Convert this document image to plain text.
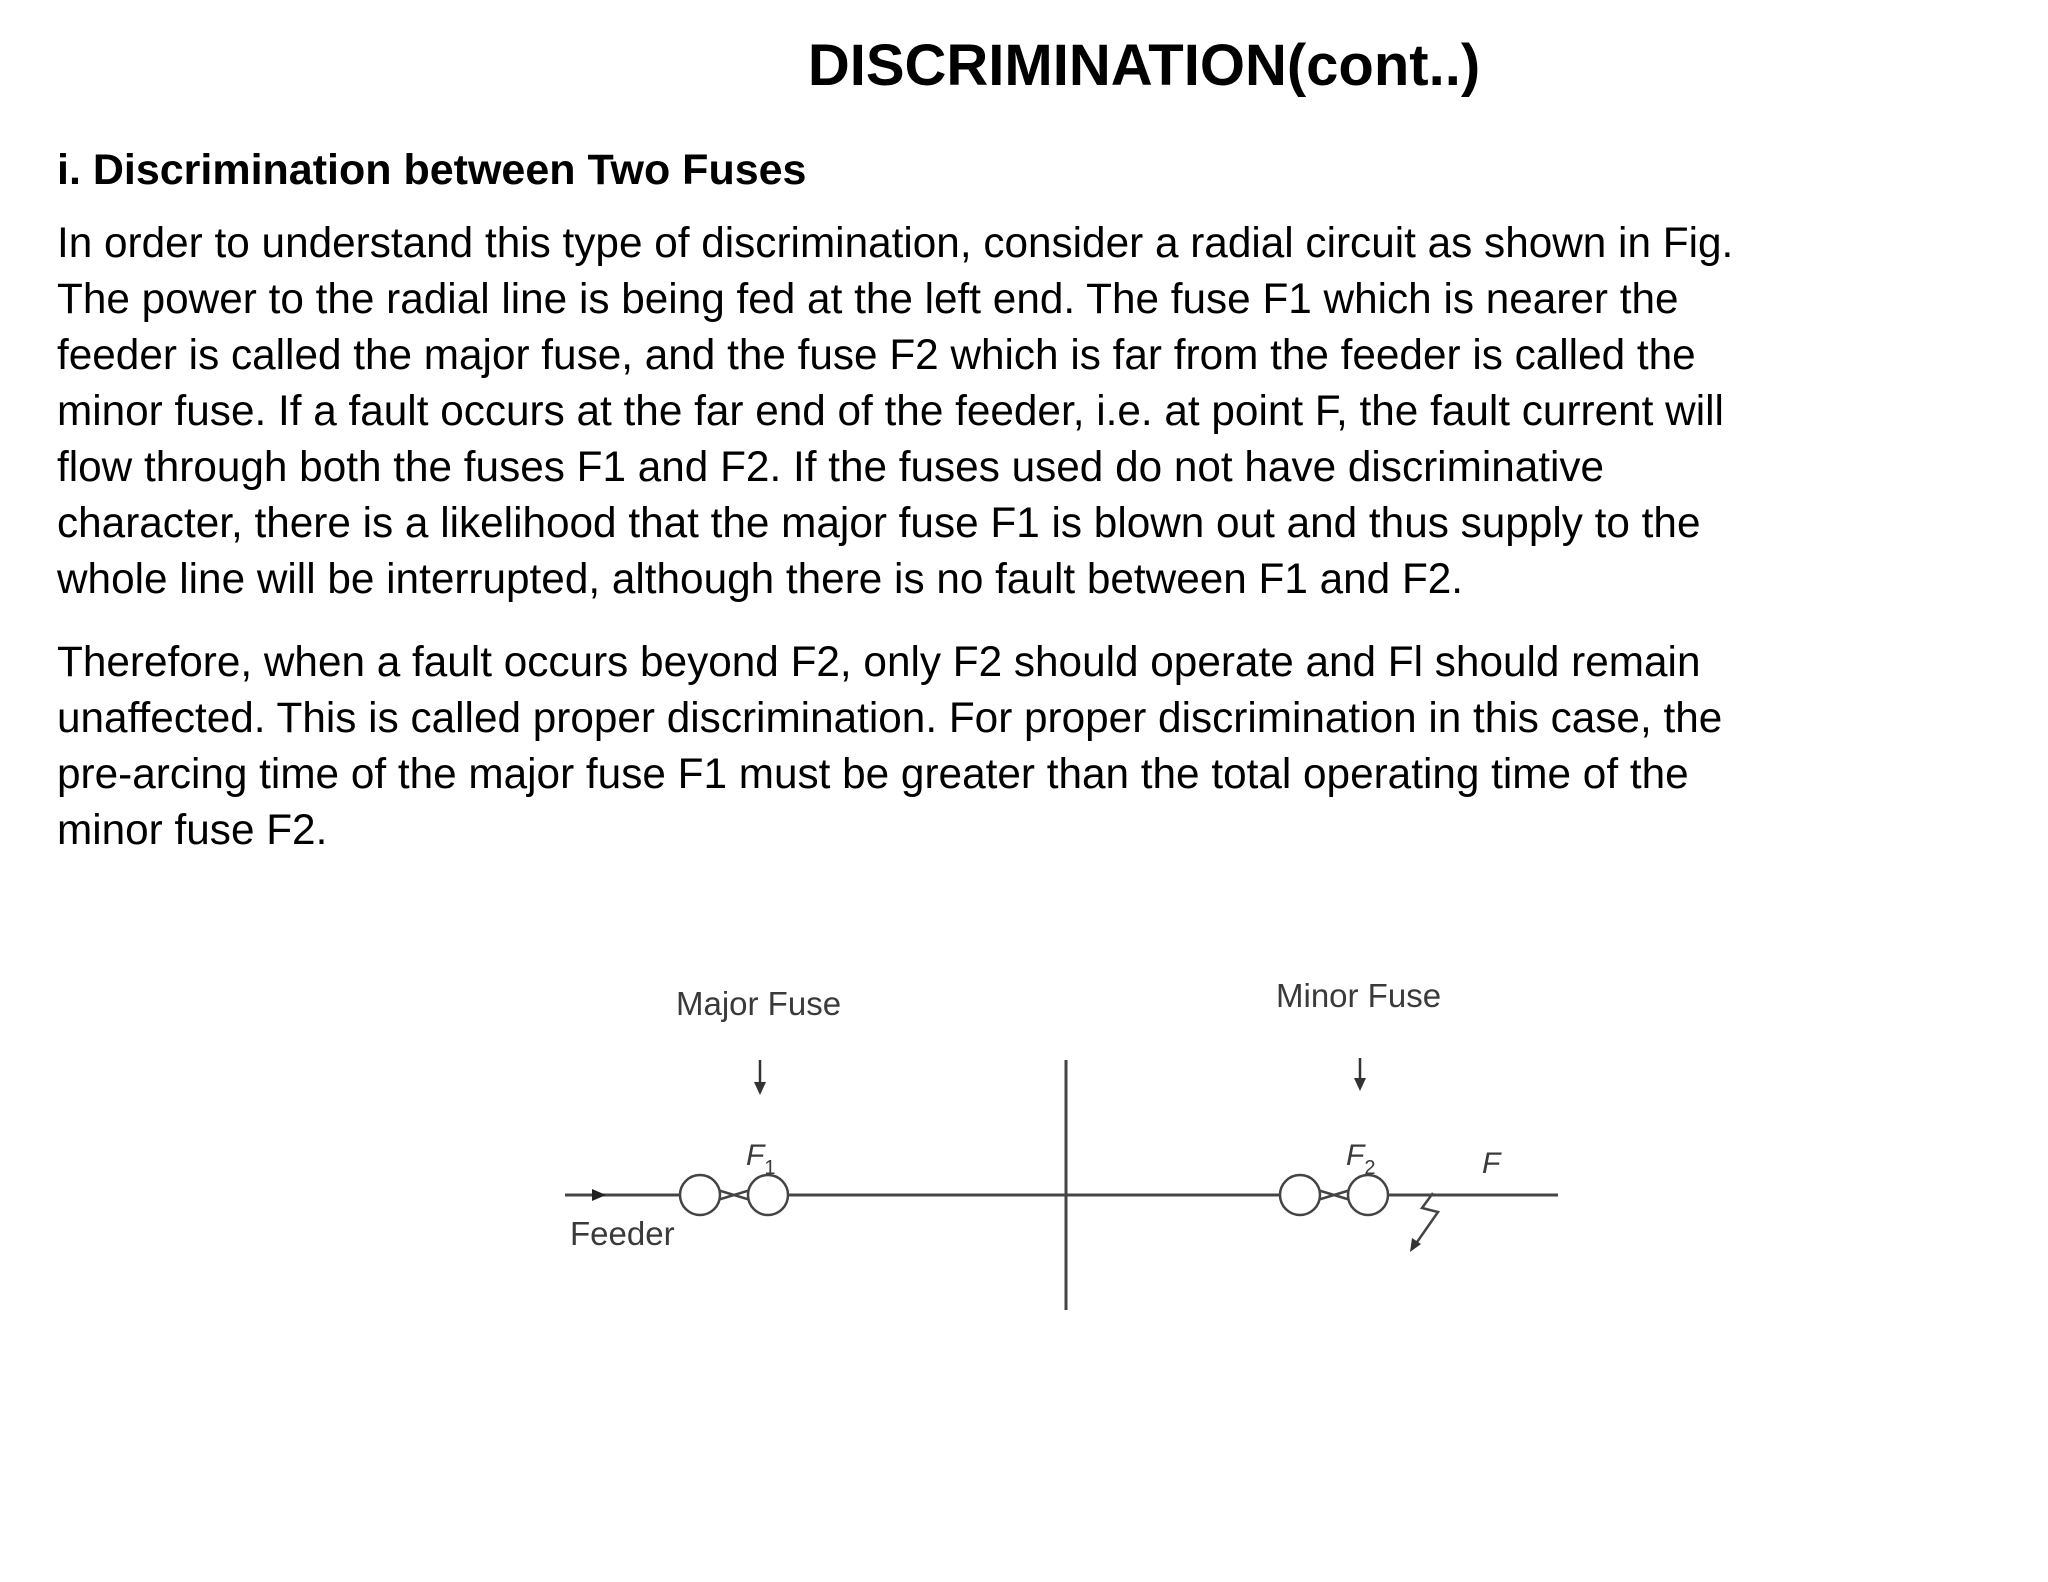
DISCRIMINATION(cont..)
i. Discrimination between Two Fuses

In order to understand this type of discrimination, consider a radial circuit as shown in Fig.
The power to the radial line is being fed at the left end. The fuse F1 which is nearer the
feeder is called the major fuse, and the fuse F2 which is far from the feeder is called the
minor fuse. If a fault occurs at the far end of the feeder, i.e. at point F, the fault current will
flow through both the fuses F1 and F2. If the fuses used do not have discriminative
character, there is a likelihood that the major fuse F1 is blown out and thus supply to the
whole line will be interrupted, although there is no fault between F1 and F2.

Therefore, when a fault occurs beyond F2, only F2 should operate and Fl should remain
unaffected. This is called proper discrimination. For proper discrimination in this case, the
pre-arcing time of the major fuse F1 must be greater than the total operating time of the
minor fuse F2.

Major Fuse	Minor Fuse
$F_1$	$F_2$	F
Feeder
